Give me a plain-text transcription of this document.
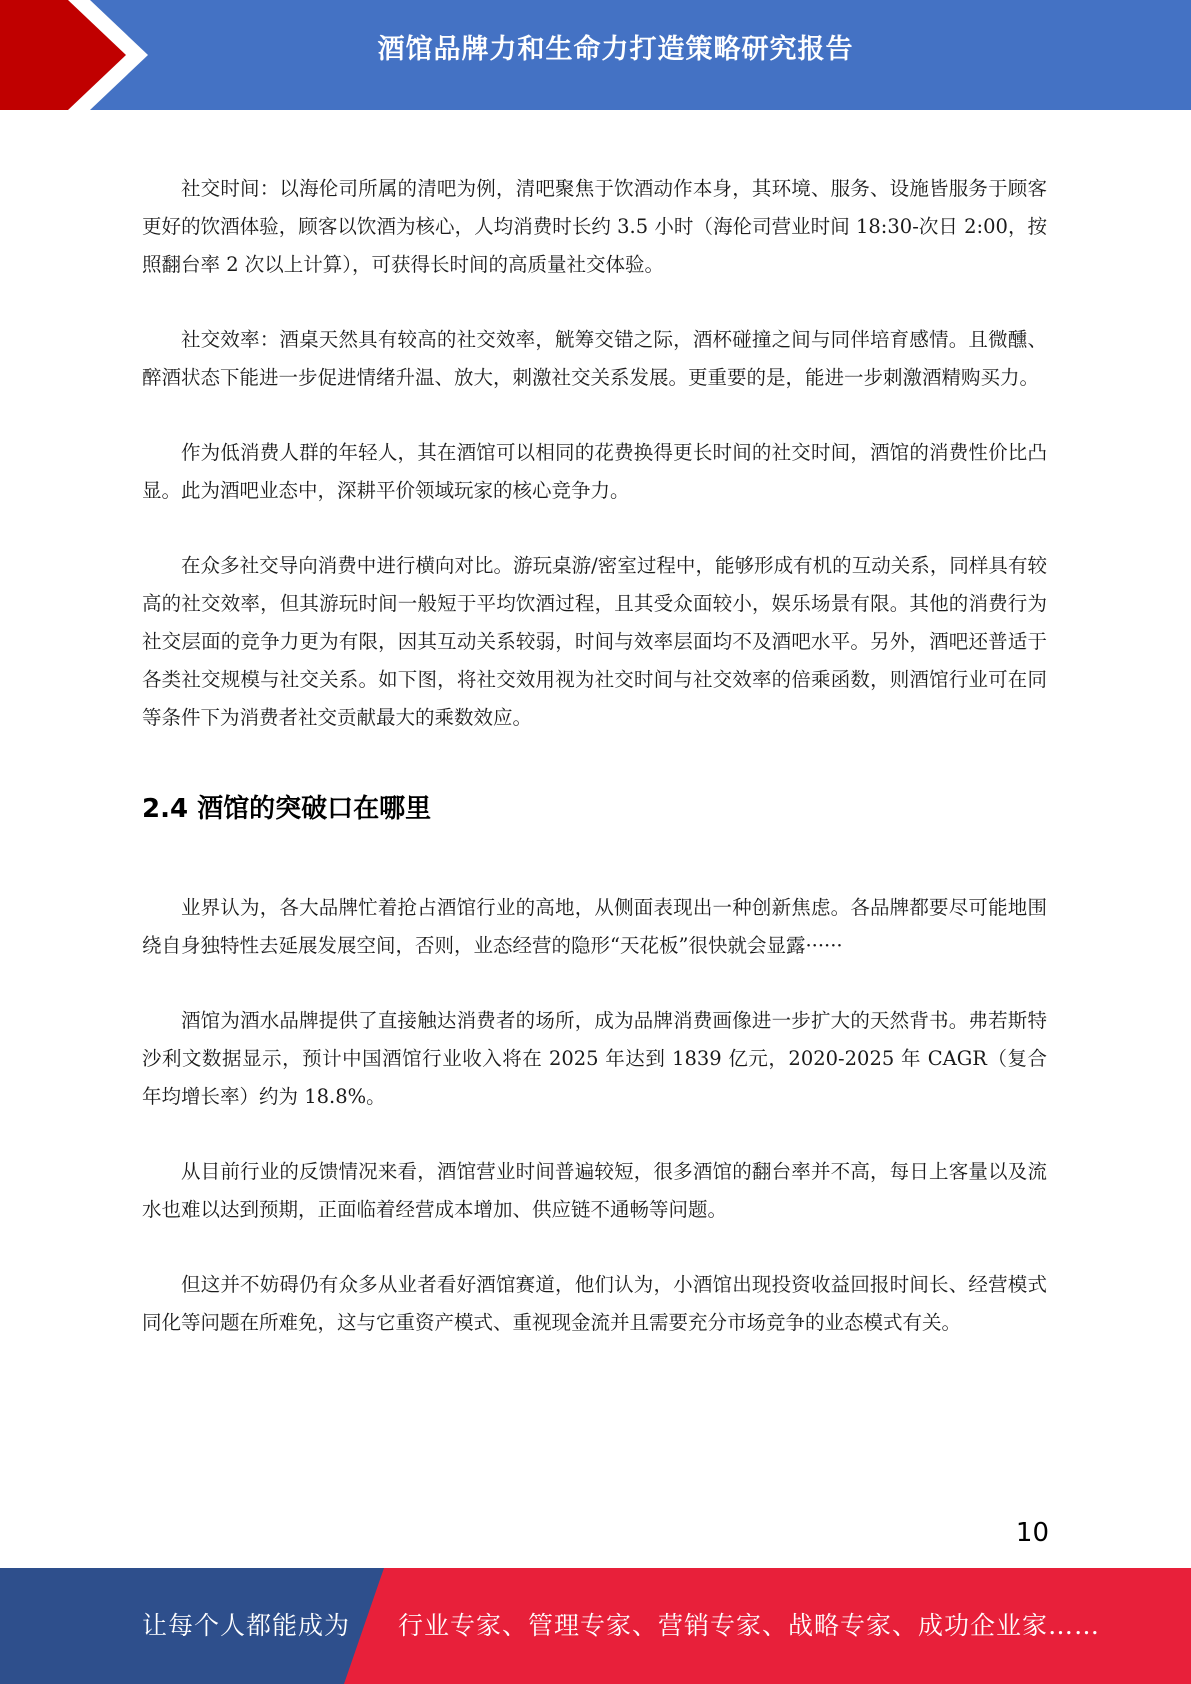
酒馆品牌力和生命力打造策略研究报告

社交时间：以海伦司所属的清吧为例，清吧聚焦于饮酒动作本身，其环境、服务、设施皆服务于顾客更好的饮酒体验，顾客以饮酒为核心，人均消费时长约 3.5 小时（海伦司营业时间 18:30-次日 2:00，按照翻台率 2 次以上计算），可获得长时间的高质量社交体验。

社交效率：酒桌天然具有较高的社交效率，觥筹交错之际，酒杯碰撞之间与同伴培育感情。且微醺、醉酒状态下能进一步促进情绪升温、放大，刺激社交关系发展。更重要的是，能进一步刺激酒精购买力。

作为低消费人群的年轻人，其在酒馆可以相同的花费换得更长时间的社交时间，酒馆的消费性价比凸显。此为酒吧业态中，深耕平价领域玩家的核心竞争力。

在众多社交导向消费中进行横向对比。游玩桌游/密室过程中，能够形成有机的互动关系，同样具有较高的社交效率，但其游玩时间一般短于平均饮酒过程，且其受众面较小，娱乐场景有限。其他的消费行为社交层面的竞争力更为有限，因其互动关系较弱，时间与效率层面均不及酒吧水平。另外，酒吧还普适于各类社交规模与社交关系。如下图，将社交效用视为社交时间与社交效率的倍乘函数，则酒馆行业可在同等条件下为消费者社交贡献最大的乘数效应。

2.4 酒馆的突破口在哪里

业界认为，各大品牌忙着抢占酒馆行业的高地，从侧面表现出一种创新焦虑。各品牌都要尽可能地围绕自身独特性去延展发展空间，否则，业态经营的隐形“天花板”很快就会显露······

酒馆为酒水品牌提供了直接触达消费者的场所，成为品牌消费画像进一步扩大的天然背书。弗若斯特沙利文数据显示，预计中国酒馆行业收入将在 2025 年达到 1839 亿元，2020-2025 年 CAGR（复合年均增长率）约为 18.8%。

从目前行业的反馈情况来看，酒馆营业时间普遍较短，很多酒馆的翻台率并不高，每日上客量以及流水也难以达到预期，正面临着经营成本增加、供应链不通畅等问题。

但这并不妨碍仍有众多从业者看好酒馆赛道，他们认为，小酒馆出现投资收益回报时间长、经营模式同化等问题在所难免，这与它重资产模式、重视现金流并且需要充分市场竞争的业态模式有关。

10
让每个人都能成为 行业专家、管理专家、营销专家、战略专家、成功企业家……
